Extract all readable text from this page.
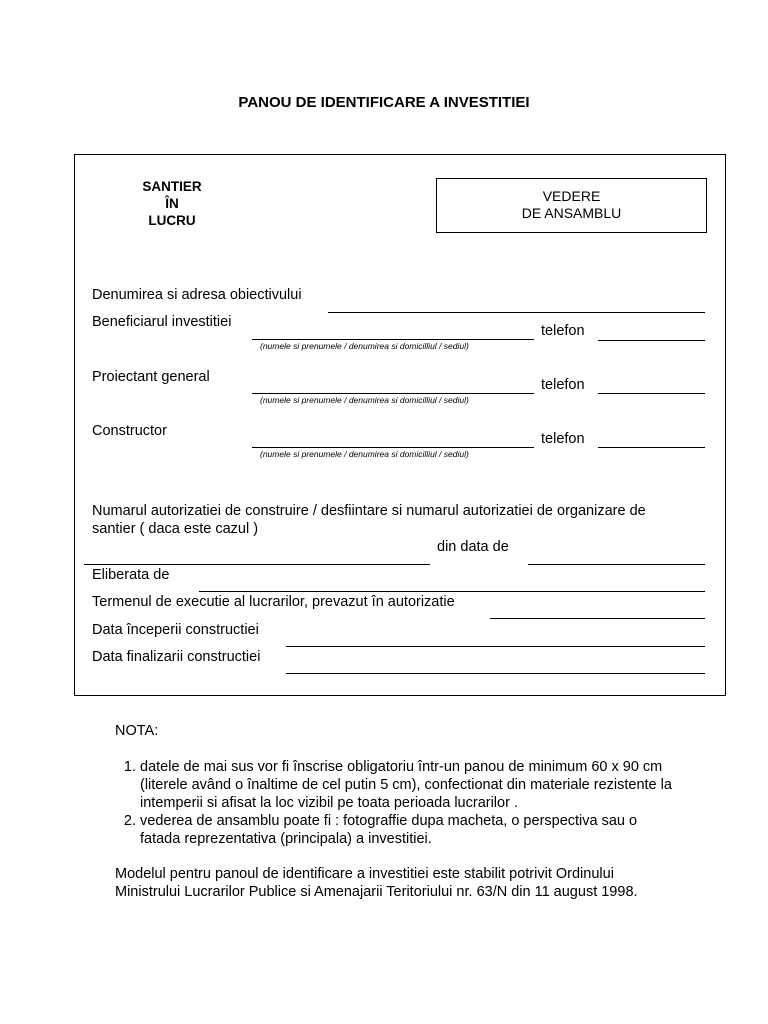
PANOU DE IDENTIFICARE A INVESTITIEI
SANTIER
ÎN
LUCRU
VEDERE
DE ANSAMBLU
Denumirea si adresa obiectivului
Beneficiarul investitiei
(numele si prenumele / denumirea si domicilliul / sediul)
telefon
Proiectant general
(numele si prenumele / denumirea si domicilliul / sediul)
telefon
Constructor
(numele si prenumele / denumirea si domicilliul / sediul)
telefon
Numarul autorizatiei de construire / desfiintare si numarul autorizatiei de organizare de
santier ( daca este cazul )
din data de
Eliberata de
Termenul de executie al lucrarilor, prevazut în autorizatie
Data începerii constructiei
Data finalizarii constructiei
NOTA:
1. datele de mai sus vor fi înscrise obligatoriu într-un panou de minimum 60 x 90 cm (literele având o înaltime de cel putin 5 cm), confectionat din materiale rezistente la intemperii si afisat la loc vizibil pe toata perioada lucrarilor .
2. vederea de ansamblu poate fi : fotograffie dupa macheta, o perspectiva sau o fatada reprezentativa (principala) a investitiei.
Modelul pentru panoul de identificare a investitiei este stabilit potrivit Ordinului Ministrului Lucrarilor Publice si Amenajarii Teritoriului nr. 63/N din 11 august 1998.
